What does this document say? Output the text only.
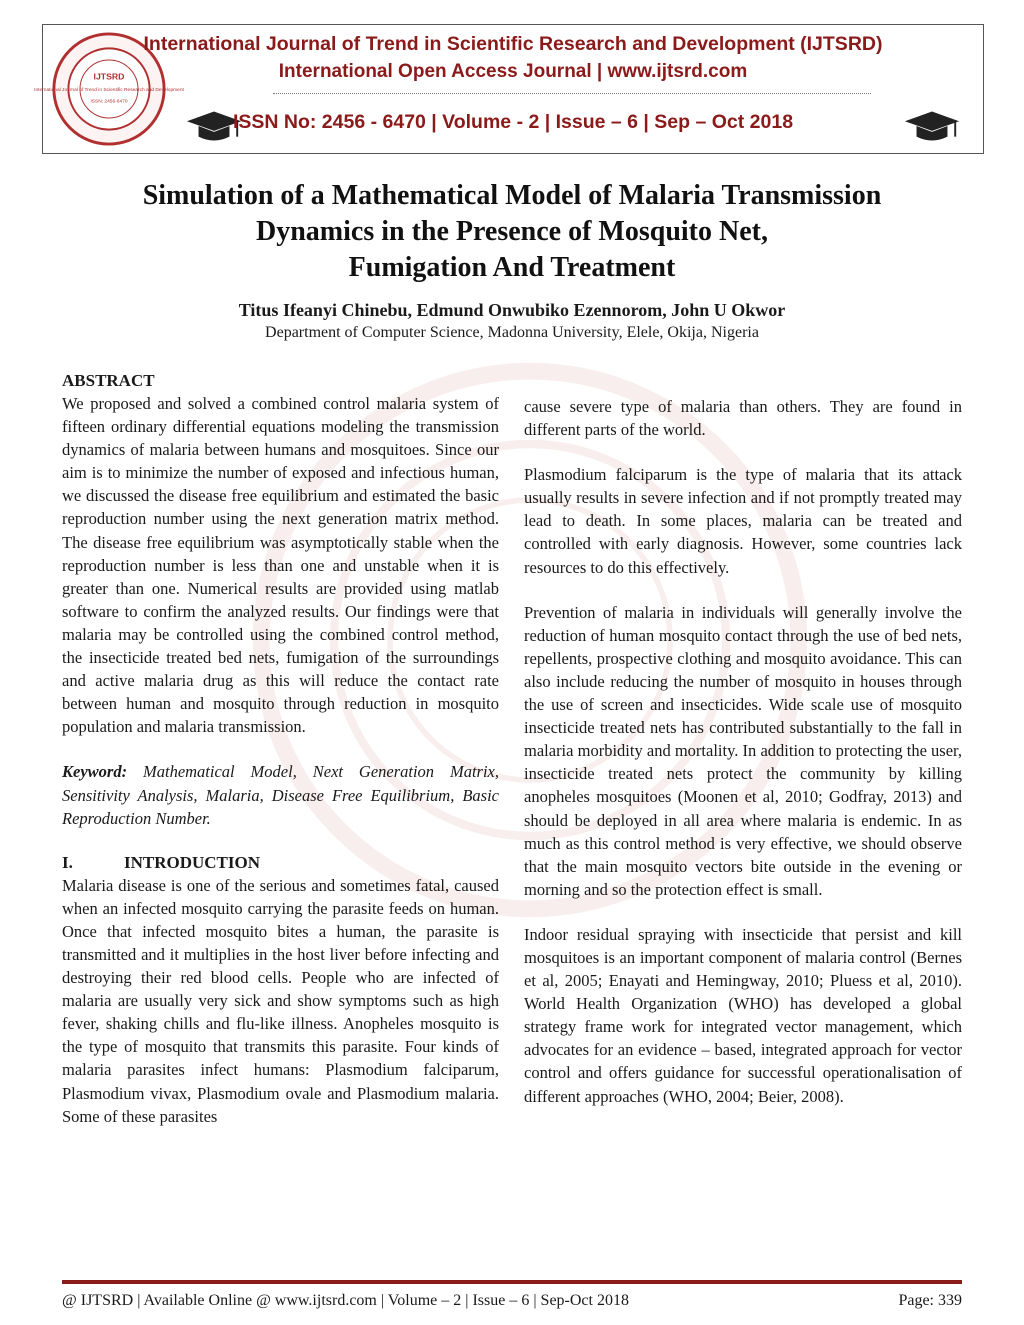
IJTSRD
International Journal of Trend in Scientific Research and Development
ISSN: 2456-6470
International Journal of Trend in Scientific Research and Development (IJTSRD)
International Open Access Journal | www.ijtsrd.com
ISSN No: 2456 - 6470 | Volume - 2 | Issue – 6 | Sep – Oct 2018
Simulation of a Mathematical Model of Malaria Transmission
Dynamics in the Presence of Mosquito Net,
Fumigation And Treatment
Titus Ifeanyi Chinebu, Edmund Onwubiko Ezennorom, John U Okwor
Department of Computer Science, Madonna University, Elele, Okija, Nigeria
ABSTRACT

We proposed and solved a combined control malaria system of fifteen ordinary differential equations modeling the transmission dynamics of malaria between humans and mosquitoes. Since our aim is to minimize the number of exposed and infectious human, we discussed the disease free equilibrium and estimated the basic reproduction number using the next generation matrix method. The disease free equilibrium was asymptotically stable when the reproduction number is less than one and unstable when it is greater than one. Numerical results are provided using matlab software to confirm the analyzed results. Our findings were that malaria may be controlled using the combined control method, the insecticide treated bed nets, fumigation of the surroundings and active malaria drug as this will reduce the contact rate between human and mosquito through reduction in mosquito population and malaria transmission.

Keyword: Mathematical Model, Next Generation Matrix, Sensitivity Analysis, Malaria, Disease Free Equilibrium, Basic Reproduction Number.

I.	INTRODUCTION

Malaria disease is one of the serious and sometimes fatal, caused when an infected mosquito carrying the parasite feeds on human. Once that infected mosquito bites a human, the parasite is transmitted and it multiplies in the host liver before infecting and destroying their red blood cells. People who are infected of malaria are usually very sick and show symptoms such as high fever, shaking chills and flu-like illness. Anopheles mosquito is the type of mosquito that transmits this parasite. Four kinds of malaria parasites infect humans: Plasmodium falciparum, Plasmodium vivax, Plasmodium ovale and Plasmodium malaria. Some of these parasites

cause severe type of malaria than others. They are found in different parts of the world.

Plasmodium falciparum is the type of malaria that its attack usually results in severe infection and if not promptly treated may lead to death. In some places, malaria can be treated and controlled with early diagnosis. However, some countries lack resources to do this effectively.

Prevention of malaria in individuals will generally involve the reduction of human mosquito contact through the use of bed nets, repellents, prospective clothing and mosquito avoidance. This can also include reducing the number of mosquito in houses through the use of screen and insecticides. Wide scale use of mosquito insecticide treated nets has contributed substantially to the fall in malaria morbidity and mortality. In addition to protecting the user, insecticide treated nets protect the community by killing anopheles mosquitoes (Moonen et al, 2010; Godfray, 2013) and should be deployed in all area where malaria is endemic. In as much as this control method is very effective, we should observe that the main mosquito vectors bite outside in the evening or morning and so the protection effect is small.

Indoor residual spraying with insecticide that persist and kill mosquitoes is an important component of malaria control (Bernes et al, 2005; Enayati and Hemingway, 2010; Pluess et al, 2010). World Health Organization (WHO) has developed a global strategy frame work for integrated vector management, which advocates for an evidence – based, integrated approach for vector control and offers guidance for successful operationalisation of different approaches (WHO, 2004; Beier, 2008).

@ IJTSRD | Available Online @ www.ijtsrd.com | Volume – 2 | Issue – 6 | Sep-Oct 2018	Page: 339
